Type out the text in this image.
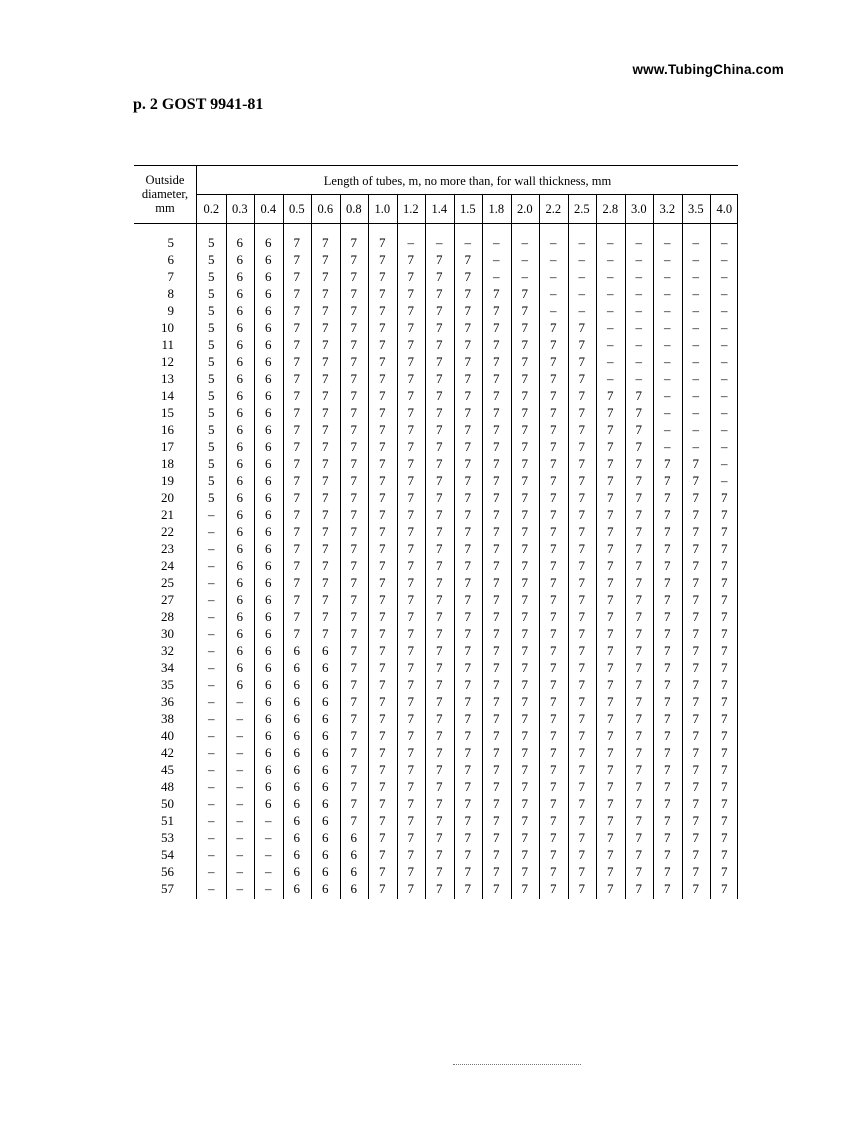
www.TubingChina.com
p. 2 GOST 9941-81
Outside
diameter,
mm
Length of tubes, m, no more than, for wall thickness, mm
0.2	0.3	0.4	0.5	0.6	0.8	1.0	1.2	1.4	1.5	1.8	2.0	2.2	2.5	2.8	3.0	3.2	3.5	4.0
5	5	6	6	7	7	7	7	–	–	–	–	–	–	–	–	–	–	–	–
6	5	6	6	7	7	7	7	7	7	7	–	–	–	–	–	–	–	–	–
7	5	6	6	7	7	7	7	7	7	7	–	–	–	–	–	–	–	–	–
8	5	6	6	7	7	7	7	7	7	7	7	7	–	–	–	–	–	–	–
9	5	6	6	7	7	7	7	7	7	7	7	7	–	–	–	–	–	–	–
10	5	6	6	7	7	7	7	7	7	7	7	7	7	7	–	–	–	–	–
11	5	6	6	7	7	7	7	7	7	7	7	7	7	7	–	–	–	–	–
12	5	6	6	7	7	7	7	7	7	7	7	7	7	7	–	–	–	–	–
13	5	6	6	7	7	7	7	7	7	7	7	7	7	7	–	–	–	–	–
14	5	6	6	7	7	7	7	7	7	7	7	7	7	7	7	7	–	–	–
15	5	6	6	7	7	7	7	7	7	7	7	7	7	7	7	7	–	–	–
16	5	6	6	7	7	7	7	7	7	7	7	7	7	7	7	7	–	–	–
17	5	6	6	7	7	7	7	7	7	7	7	7	7	7	7	7	–	–	–
18	5	6	6	7	7	7	7	7	7	7	7	7	7	7	7	7	7	7	–
19	5	6	6	7	7	7	7	7	7	7	7	7	7	7	7	7	7	7	–
20	5	6	6	7	7	7	7	7	7	7	7	7	7	7	7	7	7	7	7
21	–	6	6	7	7	7	7	7	7	7	7	7	7	7	7	7	7	7	7
22	–	6	6	7	7	7	7	7	7	7	7	7	7	7	7	7	7	7	7
23	–	6	6	7	7	7	7	7	7	7	7	7	7	7	7	7	7	7	7
24	–	6	6	7	7	7	7	7	7	7	7	7	7	7	7	7	7	7	7
25	–	6	6	7	7	7	7	7	7	7	7	7	7	7	7	7	7	7	7
27	–	6	6	7	7	7	7	7	7	7	7	7	7	7	7	7	7	7	7
28	–	6	6	7	7	7	7	7	7	7	7	7	7	7	7	7	7	7	7
30	–	6	6	7	7	7	7	7	7	7	7	7	7	7	7	7	7	7	7
32	–	6	6	6	6	7	7	7	7	7	7	7	7	7	7	7	7	7	7
34	–	6	6	6	6	7	7	7	7	7	7	7	7	7	7	7	7	7	7
35	–	6	6	6	6	7	7	7	7	7	7	7	7	7	7	7	7	7	7
36	–	–	6	6	6	7	7	7	7	7	7	7	7	7	7	7	7	7	7
38	–	–	6	6	6	7	7	7	7	7	7	7	7	7	7	7	7	7	7
40	–	–	6	6	6	7	7	7	7	7	7	7	7	7	7	7	7	7	7
42	–	–	6	6	6	7	7	7	7	7	7	7	7	7	7	7	7	7	7
45	–	–	6	6	6	7	7	7	7	7	7	7	7	7	7	7	7	7	7
48	–	–	6	6	6	7	7	7	7	7	7	7	7	7	7	7	7	7	7
50	–	–	6	6	6	7	7	7	7	7	7	7	7	7	7	7	7	7	7
51	–	–	–	6	6	7	7	7	7	7	7	7	7	7	7	7	7	7	7
53	–	–	–	6	6	6	7	7	7	7	7	7	7	7	7	7	7	7	7
54	–	–	–	6	6	6	7	7	7	7	7	7	7	7	7	7	7	7	7
56	–	–	–	6	6	6	7	7	7	7	7	7	7	7	7	7	7	7	7
57	–	–	–	6	6	6	7	7	7	7	7	7	7	7	7	7	7	7	7
